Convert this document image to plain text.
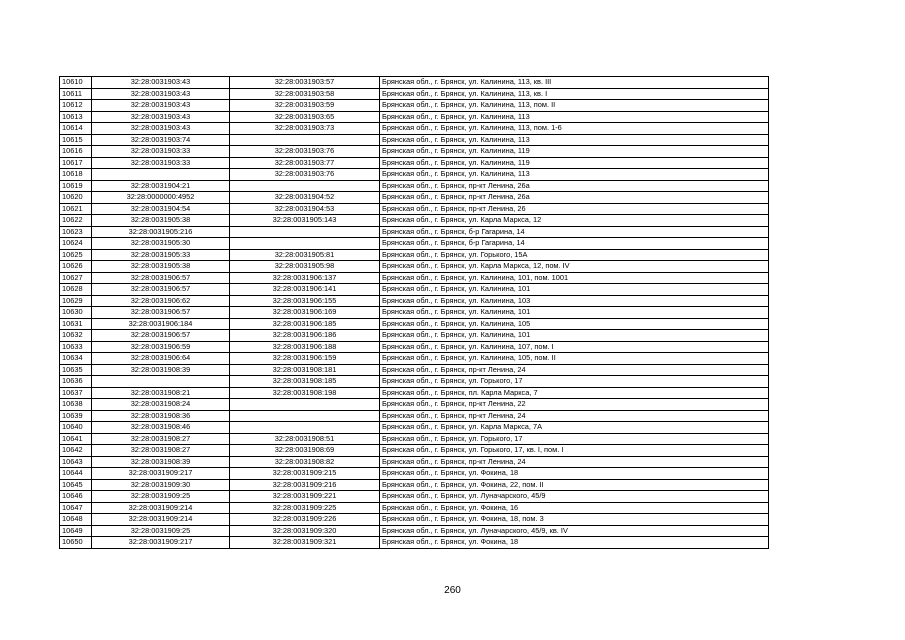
10610	32:28:0031903:43	32:28:0031903:57	Брянская обл., г. Брянск, ул. Калинина, 113, кв. III
10611	32:28:0031903:43	32:28:0031903:58	Брянская обл., г. Брянск, ул. Калинина, 113, кв. I
10612	32:28:0031903:43	32:28:0031903:59	Брянская обл., г. Брянск, ул. Калинина, 113, пом. II
10613	32:28:0031903:43	32:28:0031903:65	Брянская обл., г. Брянск, ул. Калинина, 113
10614	32:28:0031903:43	32:28:0031903:73	Брянская обл., г. Брянск, ул. Калинина, 113, пом. 1-6
10615	32:28:0031903:74		Брянская обл., г. Брянск, ул. Калинина, 113
10616	32:28:0031903:33	32:28:0031903:76	Брянская обл., г. Брянск, ул. Калинина, 119
10617	32:28:0031903:33	32:28:0031903:77	Брянская обл., г. Брянск, ул. Калинина, 119
10618		32:28:0031903:76	Брянская обл., г. Брянск, ул. Калинина, 113
10619	32:28:0031904:21		Брянская обл., г. Брянск, пр-кт Ленина, 26а
10620	32:28:0000000:4952	32:28:0031904:52	Брянская обл., г. Брянск, пр-кт Ленина, 26а
10621	32:28:0031904:54	32:28:0031904:53	Брянская обл., г. Брянск, пр-кт Ленина, 26
10622	32:28:0031905:38	32:28:0031905:143	Брянская обл., г. Брянск, ул. Карла Маркса, 12
10623	32:28:0031905:216		Брянская обл., г. Брянск, б-р Гагарина, 14
10624	32:28:0031905:30		Брянская обл., г. Брянск, б-р Гагарина, 14
10625	32:28:0031905:33	32:28:0031905:81	Брянская обл., г. Брянск, ул. Горького, 15А
10626	32:28:0031905:38	32:28:0031905:98	Брянская обл., г. Брянск, ул. Карла Маркса, 12, пом. IV
10627	32:28:0031906:57	32:28:0031906:137	Брянская обл., г. Брянск, ул. Калинина, 101, пом. 1001
10628	32:28:0031906:57	32:28:0031906:141	Брянская обл., г. Брянск, ул. Калинина, 101
10629	32:28:0031906:62	32:28:0031906:155	Брянская обл., г. Брянск, ул. Калинина, 103
10630	32:28:0031906:57	32:28:0031906:169	Брянская обл., г. Брянск, ул. Калинина, 101
10631	32:28:0031906:184	32:28:0031906:185	Брянская обл., г. Брянск, ул. Калинина, 105
10632	32:28:0031906:57	32:28:0031906:186	Брянская обл., г. Брянск, ул. Калинина, 101
10633	32:28:0031906:59	32:28:0031906:188	Брянская обл., г. Брянск, ул. Калинина, 107, пом. I
10634	32:28:0031906:64	32:28:0031906:159	Брянская обл., г. Брянск, ул. Калинина, 105, пом. II
10635	32:28:0031908:39	32:28:0031908:181	Брянская обл., г. Брянск, пр-кт Ленина, 24
10636		32:28:0031908:185	Брянская обл., г. Брянск, ул. Горького, 17
10637	32:28:0031908:21	32:28:0031908:198	Брянская обл., г. Брянск, пл. Карла Маркса, 7
10638	32:28:0031908:24		Брянская обл., г. Брянск, пр-кт Ленина, 22
10639	32:28:0031908:36		Брянская обл., г. Брянск, пр-кт Ленина, 24
10640	32:28:0031908:46		Брянская обл., г. Брянск, ул. Карла Маркса, 7А
10641	32:28:0031908:27	32:28:0031908:51	Брянская обл., г. Брянск, ул. Горького, 17
10642	32:28:0031908:27	32:28:0031908:69	Брянская обл., г. Брянск, ул. Горького, 17, кв. I, пом. I
10643	32:28:0031908:39	32:28:0031908:82	Брянская обл., г. Брянск, пр-кт Ленина, 24
10644	32:28:0031909:217	32:28:0031909:215	Брянская обл., г. Брянск, ул. Фокина, 18
10645	32:28:0031909:30	32:28:0031909:216	Брянская обл., г. Брянск, ул. Фокина, 22, пом. II
10646	32:28:0031909:25	32:28:0031909:221	Брянская обл., г. Брянск, ул. Луначарского, 45/9
10647	32:28:0031909:214	32:28:0031909:225	Брянская обл., г. Брянск, ул. Фокина, 16
10648	32:28:0031909:214	32:28:0031909:226	Брянская обл., г. Брянск, ул. Фокина, 18, пом. 3
10649	32:28:0031909:25	32:28:0031909:320	Брянская обл., г. Брянск, ул. Луначарского, 45/9, кв. IV
10650	32:28:0031909:217	32:28:0031909:321	Брянская обл., г. Брянск, ул. Фокина, 18
260
